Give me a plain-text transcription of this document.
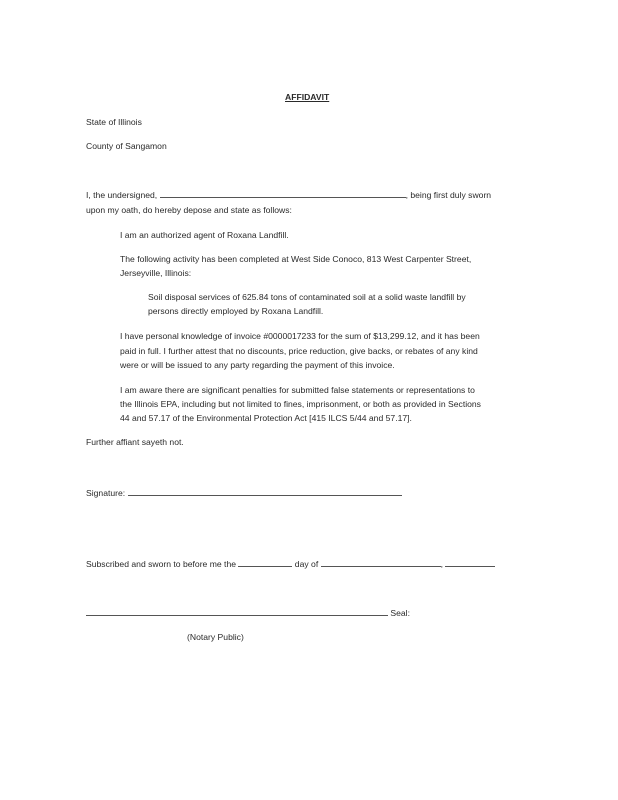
AFFIDAVIT
State of Illinois
County of Sangamon
I, the undersigned,	, being first duly sworn
upon my oath, do hereby depose and state as follows:
I am an authorized agent of Roxana Landfill.
The following activity has been completed at West Side Conoco, 813 West Carpenter Street,
Jerseyville, Illinois:
Soil disposal services of 625.84 tons of contaminated soil at a solid waste landfill by
persons directly employed by Roxana Landfill.
I have personal knowledge of invoice #0000017233 for the sum of $13,299.12, and it has been
paid in full. I further attest that no discounts, price reduction, give backs, or rebates of any kind
were or will be issued to any party regarding the payment of this invoice.
I am aware there are significant penalties for submitted false statements or representations to
the Illinois EPA, including but not limited to fines, imprisonment, or both as provided in Sections
44 and 57.17 of the Environmental Protection Act [415 ILCS 5/44 and 57.17].
Further affiant sayeth not.
Signature:
Subscribed and sworn to before me the	day of	,
Seal:
(Notary Public)
